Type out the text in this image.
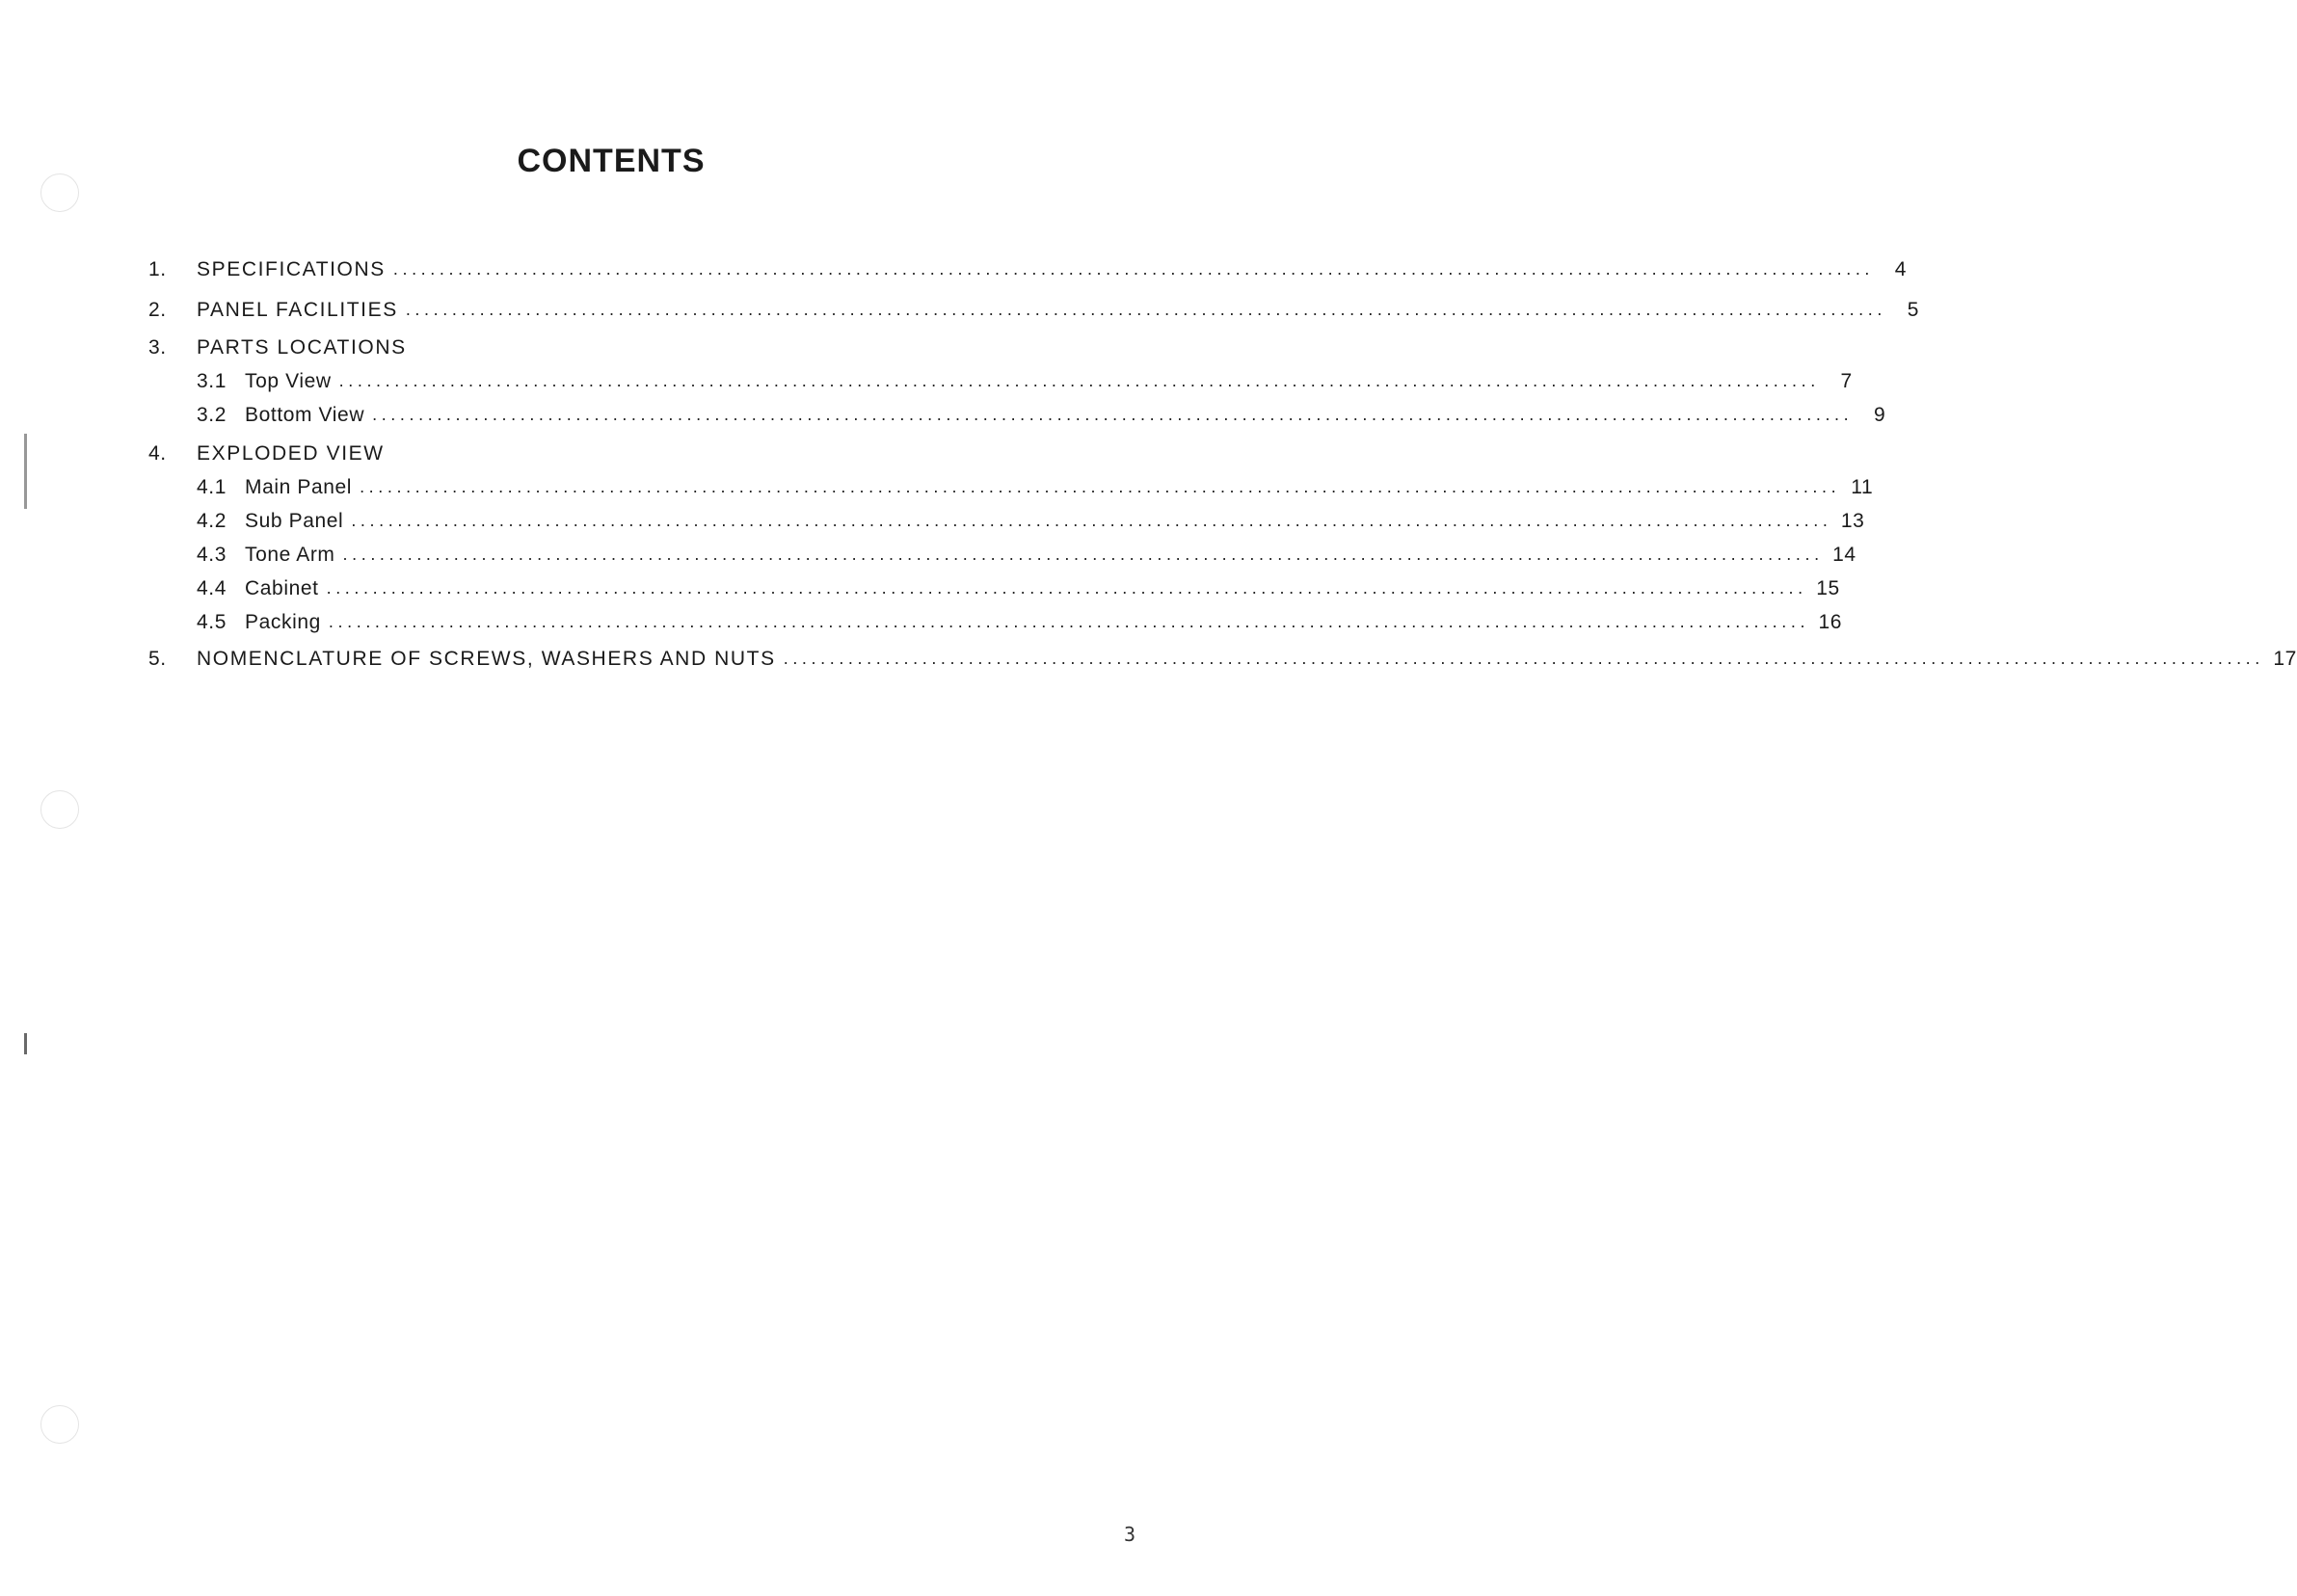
CONTENTS
1.	SPECIFICATIONS ................................................................................................................................................................	4
2.	PANEL FACILITIES ................................................................................................................................................................	5
3.	PARTS LOCATIONS
3.1 Top View ................................................................................................................................................................	7
3.2 Bottom View ................................................................................................................................................................	9
4.	EXPLODED VIEW
4.1 Main Panel ................................................................................................................................................................ 11
4.2 Sub Panel ................................................................................................................................................................ 13
4.3 Tone Arm ................................................................................................................................................................ 14
4.4 Cabinet ................................................................................................................................................................ 15
4.5 Packing ................................................................................................................................................................ 16
5.	NOMENCLATURE OF SCREWS, WASHERS AND NUTS ................................................................................................................................................................ 17
3
